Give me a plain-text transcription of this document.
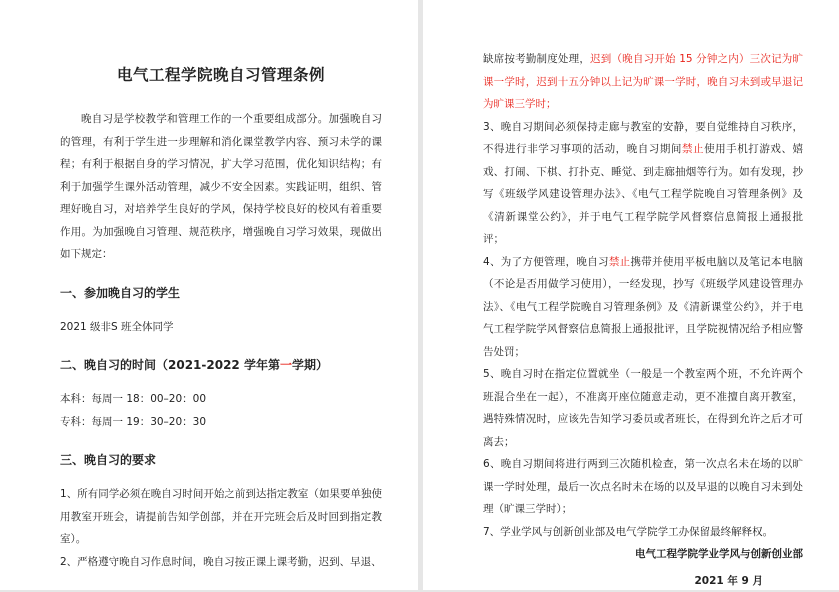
电气工程学院晚自习管理条例

晚自习是学校教学和管理工作的一个重要组成部分。加强晚自习的管理，有利于学生进一步理解和消化课堂教学内容、预习未学的课程；有利于根据自身的学习情况，扩大学习范围，优化知识结构；有利于加强学生课外活动管理，减少不安全因素。实践证明，组织、管理好晚自习，对培养学生良好的学风，保持学校良好的校风有着重要作用。为加强晚自习管理、规范秩序，增强晚自习学习效果，现做出如下规定：

一、参加晚自习的学生

2021 级非S 班全体同学

二、晚自习的时间（2021-2022 学年第一学期）

本科：每周一 18：00–20：00

专科：每周一 19：30–20：30

三、晚自习的要求

1、所有同学必须在晚自习时间开始之前到达指定教室（如果要单独使用教室开班会，请提前告知学创部，并在开完班会后及时回到指定教室）。

2、严格遵守晚自习作息时间，晚自习按正课上课考勤，迟到、早退、

缺席按考勤制度处理，迟到（晚自习开始 15 分钟之内）三次记为旷课一学时，迟到十五分钟以上记为旷课一学时，晚自习未到或早退记为旷课三学时；

3、晚自习期间必须保持走廊与教室的安静，要自觉维持自习秩序，不得进行非学习事项的活动，晚自习期间禁止使用手机打游戏、嬉戏、打闹、下棋、打扑克、睡觉、到走廊抽烟等行为。如有发现，抄写《班级学风建设管理办法》、《电气工程学院晚自习管理条例》及《清新课堂公约》，并于电气工程学院学风督察信息简报上通报批评；

4、为了方便管理，晚自习禁止携带并使用平板电脑以及笔记本电脑（不论是否用做学习使用），一经发现，抄写《班级学风建设管理办法》、《电气工程学院晚自习管理条例》及《清新课堂公约》，并于电气工程学院学风督察信息简报上通报批评，且学院视情况给予相应警告处罚；

5、晚自习时在指定位置就坐（一般是一个教室两个班，不允许两个班混合坐在一起），不准离开座位随意走动，更不准擅自离开教室，遇特殊情况时，应该先告知学习委员或者班长，在得到允许之后才可离去；

6、晚自习期间将进行两到三次随机检查，第一次点名未在场的以旷课一学时处理，最后一次点名时未在场的以及早退的以晚自习未到处理（旷课三学时）；

7、学业学风与创新创业部及电气学院学工办保留最终解释权。

电气工程学院学业学风与创新创业部

2021 年 9 月
